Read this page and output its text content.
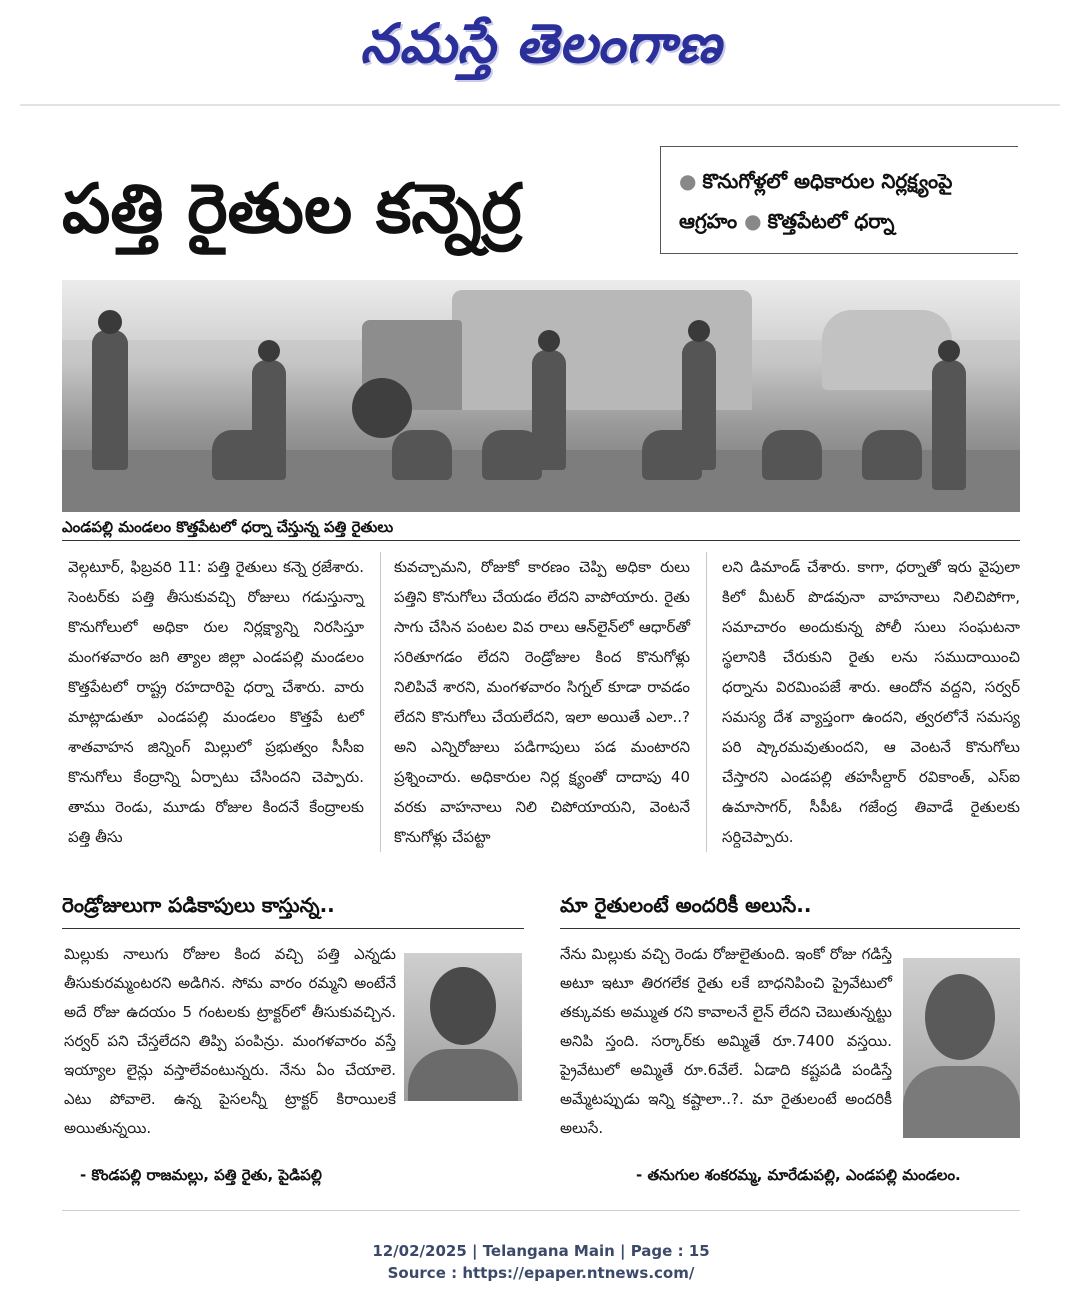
నమస్తే తెలంగాణ
పత్తి రైతుల కన్నెర్ర	● కొనుగోళ్లలో అధికారుల నిర్లక్ష్యంపై
ఆగ్రహం ● కొత్తపేటలో ధర్నా
ఎండపల్లి మండలం కొత్తపేటలో ధర్నా చేస్తున్న పత్తి రైతులు
వెల్గటూర్, ఫిబ్రవరి 11: పత్తి రైతులు కన్నె ర్రజేశారు. సెంటర్‌కు పత్తి తీసుకువచ్చి రోజులు గడుస్తున్నా కొనుగోలులో అధికా రుల నిర్లక్ష్యాన్ని నిరసిస్తూ మంగళవారం జగి త్యాల జిల్లా ఎండపల్లి మండలం కొత్తపేటలో రాష్ట్ర రహదారిపై ధర్నా చేశారు. వారు మాట్లాడుతూ ఎండపల్లి మండలం కొత్తపే టలో శాతవాహన జిన్నింగ్ మిల్లులో ప్రభుత్వం సీసీఐ కొనుగోలు కేంద్రాన్ని ఏర్పాటు చేసిందని చెప్పారు. తాము రెండు, మూడు రోజుల కిందనే కేంద్రాలకు పత్తి తీసు
కువచ్చామని, రోజుకో కారణం చెప్పి అధికా రులు పత్తిని కొనుగోలు చేయడం లేదని వాపోయారు. రైతు సాగు చేసిన పంటల వివ రాలు ఆన్‌లైన్‌లో ఆధార్‌తో సరితూగడం లేదని రెండ్రోజుల కింద కొనుగోళ్లు నిలిపివే శారని, మంగళవారం సిగ్నల్ కూడా రావడం లేదని కొనుగోలు చేయలేదని, ఇలా అయితే ఎలా..? అని ఎన్నిరోజులు పడిగాపులు పడ మంటారని ప్రశ్నించారు. అధికారుల నిర్ల క్ష్యంతో దాదాపు 40 వరకు వాహనాలు నిలి చిపోయాయని, వెంటనే కొనుగోళ్లు చేపట్టా
లని డిమాండ్ చేశారు. కాగా, ధర్నాతో ఇరు వైపులా కిలో మీటర్ పొడవునా వాహనాలు నిలిచిపోగా, సమాచారం అందుకున్న పోలీ సులు సంఘటనా స్థలానికి చేరుకుని రైతు లను సముదాయించి ధర్నాను విరమింపజే శారు. ఆందోన వద్దని, సర్వర్ సమస్య దేశ వ్యాప్తంగా ఉందని, త్వరలోనే సమస్య పరి ష్కారమవుతుందని, ఆ వెంటనే కొనుగోలు చేస్తారని ఎండపల్లి తహసీల్దార్ రవికాంత్, ఎస్ఐ ఉమాసాగర్, సీపీఓ గజేంద్ర తివాడే రైతులకు సర్దిచెప్పారు.
రెండ్రోజులుగా పడికాపులు కాస్తున్న..
మిల్లుకు నాలుగు రోజుల కింద వచ్చి పత్తి ఎన్నడు తీసుకురమ్మంటరని అడిగిన. సోమ వారం రమ్మని అంటేనే అదే రోజు ఉదయం 5 గంటలకు ట్రాక్టర్‌లో తీసుకువచ్చిన. సర్వర్ పని చేస్తలేదని తిప్పి పంపిన్రు. మంగళవారం వస్తే ఇయ్యాల లైన్లు వస్తాలేవంటున్నరు. నేను ఏం చేయాలె. ఎటు పోవాలె. ఉన్న పైసలన్నీ ట్రాక్టర్ కిరాయిలకే అయితున్నయి.
- కొండపల్లి రాజమల్లు, పత్తి రైతు, పైడిపల్లి
మా రైతులంటే అందరికీ అలుసే..
నేను మిల్లుకు వచ్చి రెండు రోజులైతుంది. ఇంకో రోజు గడిస్తే అటూ ఇటూ తిరగలేక రైతు లకే బాధనిపించి ప్రైవేటులో తక్కువకు అమ్ముత రని కావాలనే లైన్ లేదని చెబుతున్నట్టు అనిపి స్తంది. సర్కార్‌కు అమ్మితే రూ.7400 వస్తయి. ప్రైవేటులో అమ్మితే రూ.6వేలే. ఏడాది కష్టపడి పండిస్తే అమ్మేటప్పుడు ఇన్ని కష్టాలా..?. మా రైతులంటే అందరికీ అలుసే.
- తనుగుల శంకరమ్మ, మారేడుపల్లి, ఎండపల్లి మండలం.
12/02/2025 | Telangana Main | Page : 15
Source : https://epaper.ntnews.com/
